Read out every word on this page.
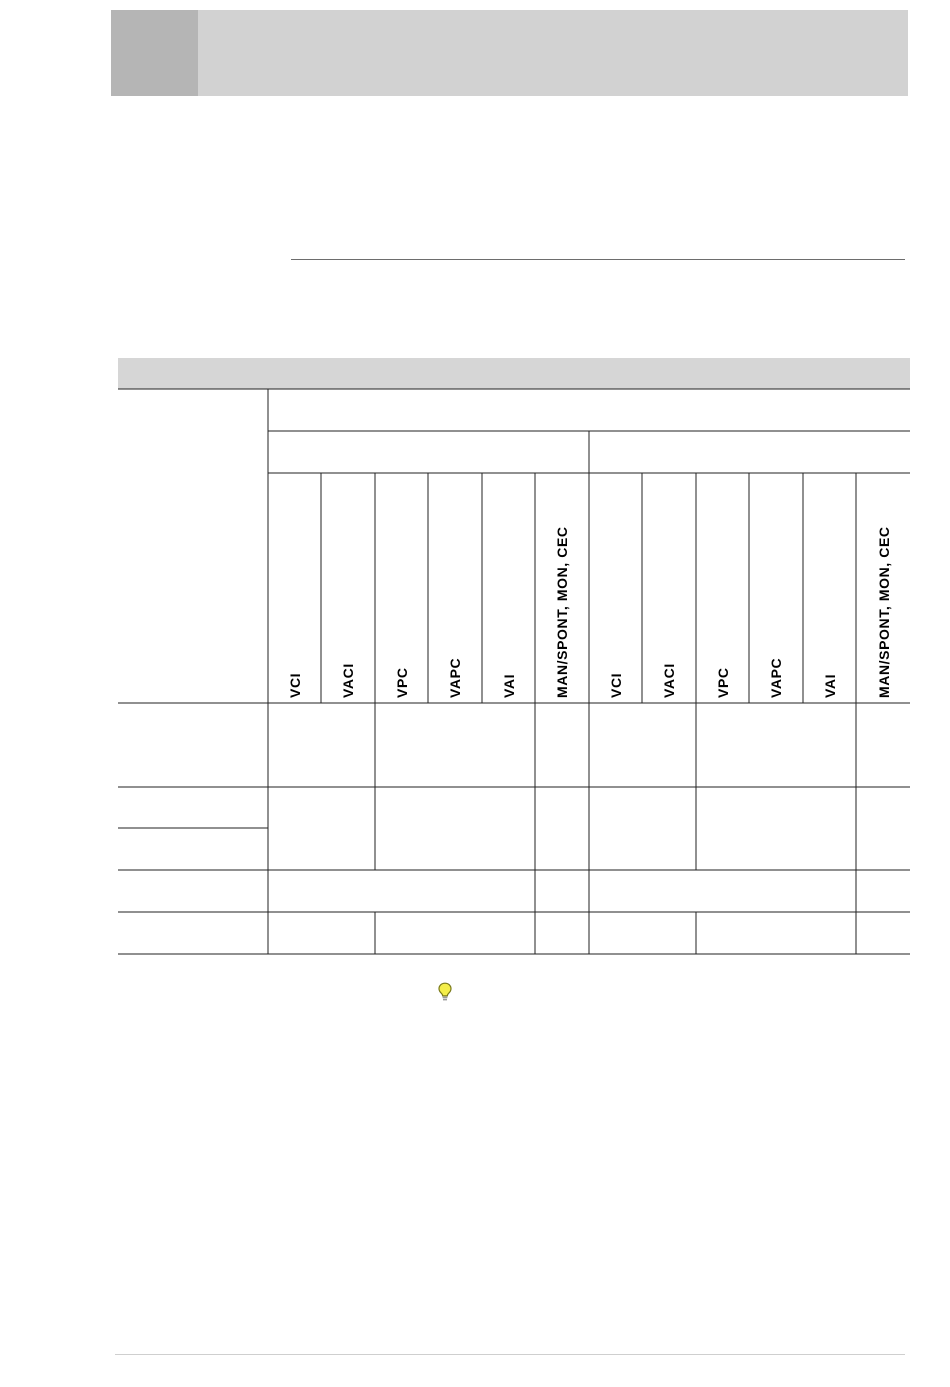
VCI	VACI	VPC	VAPC	VAI	MAN/SPONT, MON, CEC	VCI	VACI	VPC	VAPC	VAI	MAN/SPONT, MON, CEC
